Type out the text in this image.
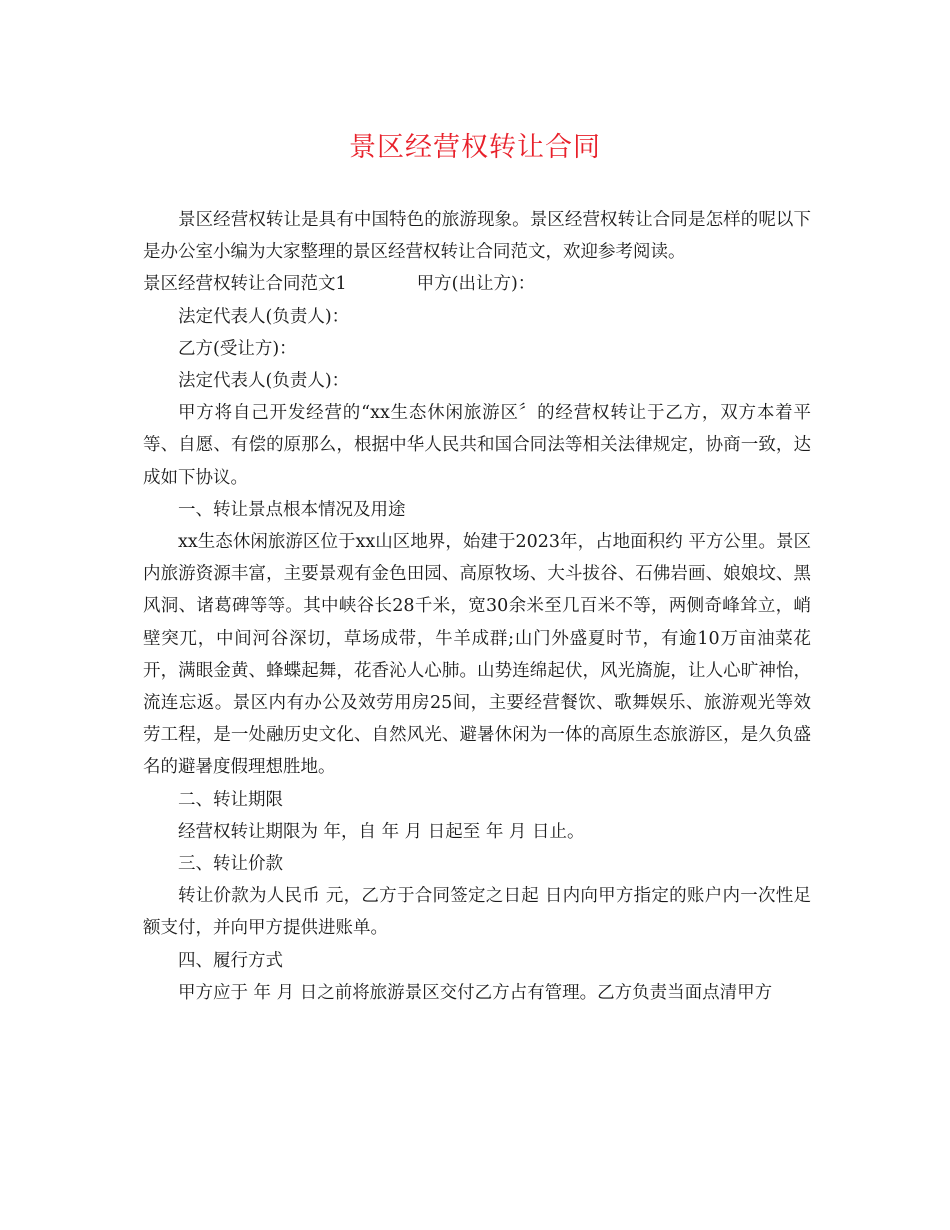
景区经营权转让合同

景区经营权转让是具有中国特色的旅游现象。景区经营权转让合同是怎样的呢以下是办公室小编为大家整理的景区经营权转让合同范文，欢迎参考阅读。

景区经营权转让合同范文1	甲方(出让方)：

法定代表人(负责人)：

乙方(受让方)：

法定代表人(负责人)：

甲方将自己开发经营的“xx生态休闲旅游区〞的经营权转让于乙方，双方本着平等、自愿、有偿的原那么，根据中华人民共和国合同法等相关法律规定，协商一致，达成如下协议。

一、转让景点根本情况及用途

xx生态休闲旅游区位于xx山区地界，始建于2023年，占地面积约 平方公里。景区内旅游资源丰富，主要景观有金色田园、高原牧场、大斗拔谷、石佛岩画、娘娘坟、黑风洞、诸葛碑等等。其中峡谷长28千米，宽30余米至几百米不等，两侧奇峰耸立，峭壁突兀，中间河谷深切，草场成带，牛羊成群;山门外盛夏时节，有逾10万亩油菜花开，满眼金黄、蜂蝶起舞，花香沁人心肺。山势连绵起伏，风光旖旎，让人心旷神怡，流连忘返。景区内有办公及效劳用房25间，主要经营餐饮、歌舞娱乐、旅游观光等效劳工程，是一处融历史文化、自然风光、避暑休闲为一体的高原生态旅游区，是久负盛名的避暑度假理想胜地。

二、转让期限

经营权转让期限为 年，自 年 月 日起至 年 月 日止。

三、转让价款

转让价款为人民币 元，乙方于合同签定之日起 日内向甲方指定的账户内一次性足额支付，并向甲方提供进账单。

四、履行方式

甲方应于 年 月 日之前将旅游景区交付乙方占有管理。乙方负责当面点清甲方
